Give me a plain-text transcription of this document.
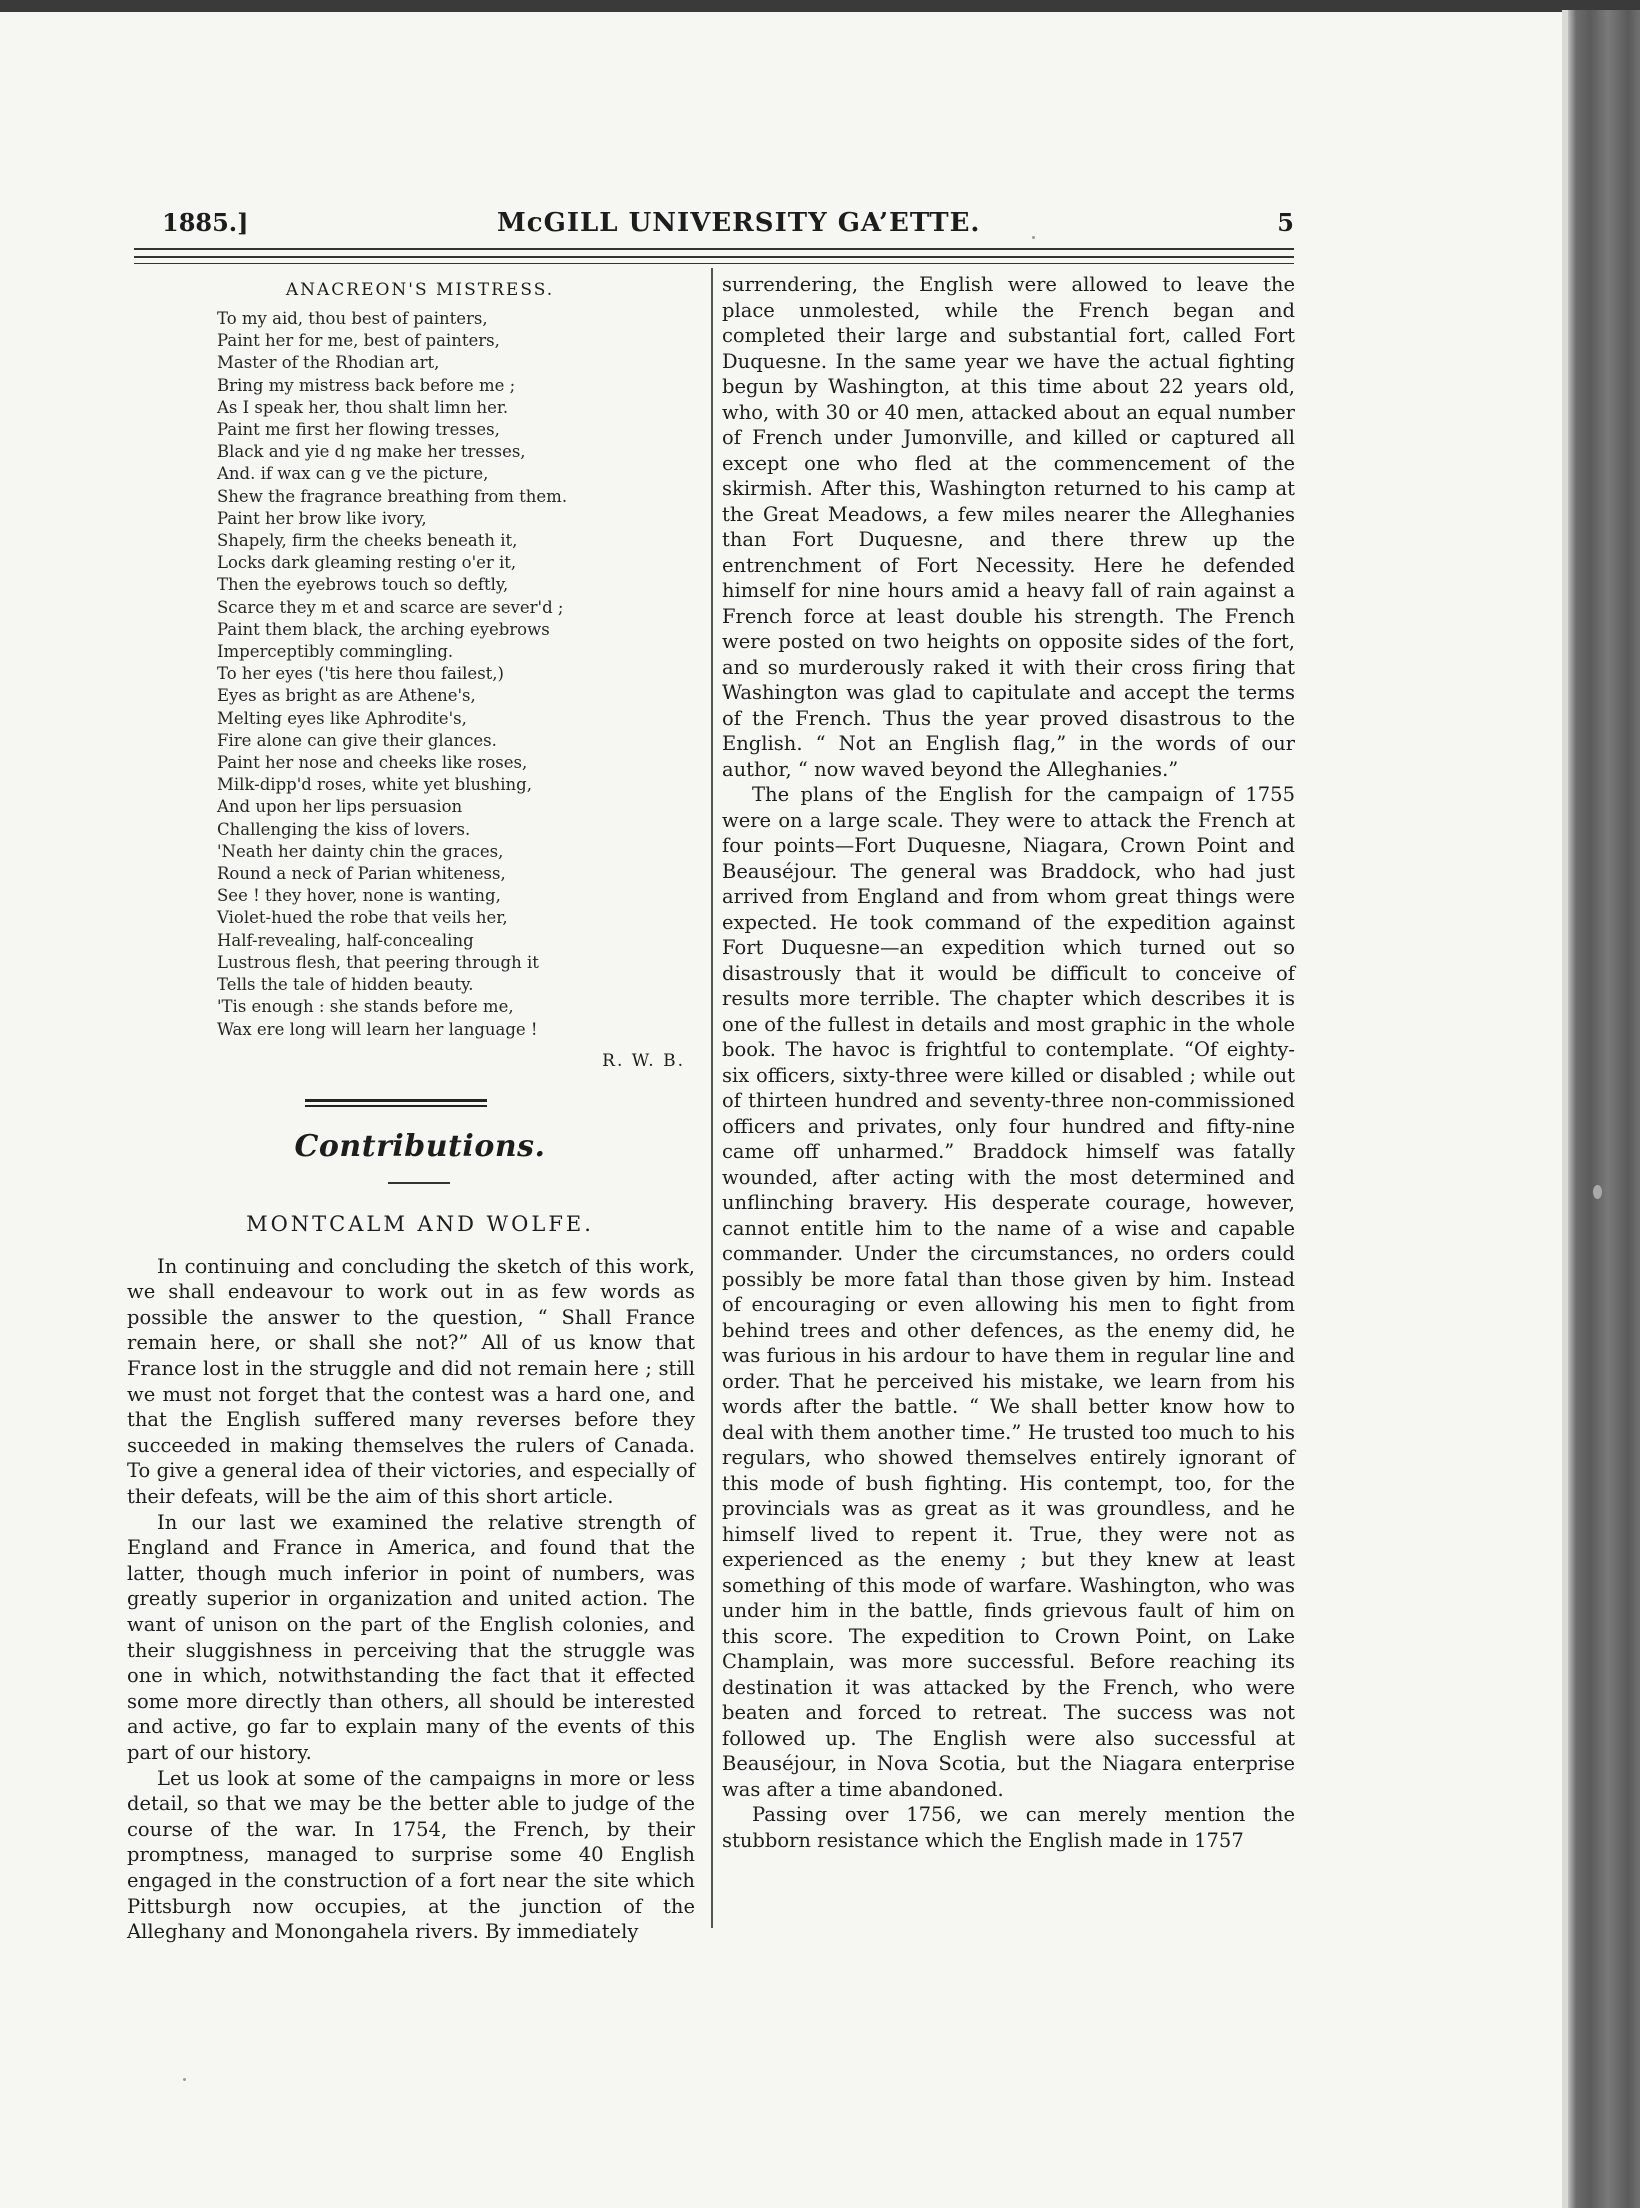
1885.]	McGILL UNIVERSITY GA’ETTE.	5
ANACREON'S MISTRESS.
To my aid, thou best of painters,
Paint her for me, best of painters,
Master of the Rhodian art,
Bring my mistress back before me ;
As I speak her, thou shalt limn her.
Paint me first her flowing tresses,
Black and yie d ng make her tresses,
And. if wax can g ve the picture,
Shew the fragrance breathing from them.
Paint her brow like ivory,
Shapely, firm the cheeks beneath it,
Locks dark gleaming resting o'er it,
Then the eyebrows touch so deftly,
Scarce they m et and scarce are sever'd ;
Paint them black, the arching eyebrows
Imperceptibly commingling.
To her eyes ('tis here thou failest,)
Eyes as bright as are Athene's,
Melting eyes like Aphrodite's,
Fire alone can give their glances.
Paint her nose and cheeks like roses,
Milk-dipp'd roses, white yet blushing,
And upon her lips persuasion
Challenging the kiss of lovers.
'Neath her dainty chin the graces,
Round a neck of Parian whiteness,
See ! they hover, none is wanting,
Violet-hued the robe that veils her,
Half-revealing, half-concealing
Lustrous flesh, that peering through it
Tells the tale of hidden beauty.
'Tis enough : she stands before me,
Wax ere long will learn her language !
R. W. B.
Contributions.
MONTCALM AND WOLFE.

In continuing and concluding the sketch of this work, we shall endeavour to work out in as few words as possible the answer to the question, “ Shall France remain here, or shall she not?” All of us know that France lost in the struggle and did not remain here ; still we must not forget that the contest was a hard one, and that the English suffered many reverses before they succeeded in making themselves the rulers of Canada. To give a general idea of their victories, and especially of their defeats, will be the aim of this short article.

In our last we examined the relative strength of England and France in America, and found that the latter, though much inferior in point of numbers, was greatly superior in organization and united action. The want of unison on the part of the English colonies, and their sluggishness in perceiving that the struggle was one in which, notwithstanding the fact that it effected some more directly than others, all should be interested and active, go far to explain many of the events of this part of our history.

Let us look at some of the campaigns in more or less detail, so that we may be the better able to judge of the course of the war. In 1754, the French, by their promptness, managed to surprise some 40 English engaged in the construction of a fort near the site which Pittsburgh now occupies, at the junction of the Alleghany and Monongahela rivers. By immediately

surrendering, the English were allowed to leave the place unmolested, while the French began and completed their large and substantial fort, called Fort Duquesne. In the same year we have the actual fighting begun by Washington, at this time about 22 years old, who, with 30 or 40 men, attacked about an equal number of French under Jumonville, and killed or captured all except one who fled at the commencement of the skirmish. After this, Washington returned to his camp at the Great Meadows, a few miles nearer the Alleghanies than Fort Duquesne, and there threw up the entrenchment of Fort Necessity. Here he defended himself for nine hours amid a heavy fall of rain against a French force at least double his strength. The French were posted on two heights on opposite sides of the fort, and so murderously raked it with their cross firing that Washington was glad to capitulate and accept the terms of the French. Thus the year proved disastrous to the English. “ Not an English flag,” in the words of our author, “ now waved beyond the Alleghanies.”

The plans of the English for the campaign of 1755 were on a large scale. They were to attack the French at four points—Fort Duquesne, Niagara, Crown Point and Beauséjour. The general was Braddock, who had just arrived from England and from whom great things were expected. He took command of the expedition against Fort Duquesne—an expedition which turned out so disastrously that it would be difficult to conceive of results more terrible. The chapter which describes it is one of the fullest in details and most graphic in the whole book. The havoc is frightful to contemplate. “Of eighty-six officers, sixty-three were killed or disabled ; while out of thirteen hundred and seventy-three non-commissioned officers and privates, only four hundred and fifty-nine came off unharmed.” Braddock himself was fatally wounded, after acting with the most determined and unflinching bravery. His desperate courage, however, cannot entitle him to the name of a wise and capable commander. Under the circumstances, no orders could possibly be more fatal than those given by him. Instead of encouraging or even allowing his men to fight from behind trees and other defences, as the enemy did, he was furious in his ardour to have them in regular line and order. That he perceived his mistake, we learn from his words after the battle. “ We shall better know how to deal with them another time.” He trusted too much to his regulars, who showed themselves entirely ignorant of this mode of bush fighting. His contempt, too, for the provincials was as great as it was groundless, and he himself lived to repent it. True, they were not as experienced as the enemy ; but they knew at least something of this mode of warfare. Washington, who was under him in the battle, finds grievous fault of him on this score. The expedition to Crown Point, on Lake Champlain, was more successful. Before reaching its destination it was attacked by the French, who were beaten and forced to retreat. The success was not followed up. The English were also successful at Beauséjour, in Nova Scotia, but the Niagara enterprise was after a time abandoned.

Passing over 1756, we can merely mention the stubborn resistance which the English made in 1757
